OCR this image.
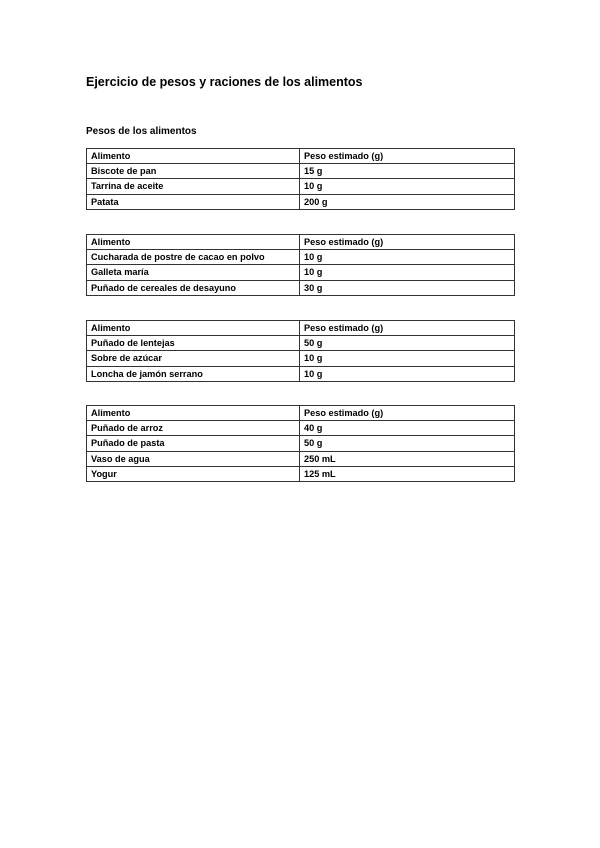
Ejercicio de pesos y raciones de los alimentos
Pesos de los alimentos
Alimento	Peso estimado (g)
Biscote de pan	15 g
Tarrina de aceite	10 g
Patata	200 g
Alimento	Peso estimado (g)
Cucharada de postre de cacao en polvo	10 g
Galleta maría	10 g
Puñado de cereales de desayuno	30 g
Alimento	Peso estimado (g)
Puñado de lentejas	50 g
Sobre de azúcar	10 g
Loncha de jamón serrano	10 g
Alimento	Peso estimado (g)
Puñado de arroz	40 g
Puñado de pasta	50 g
Vaso de agua	250 mL
Yogur	125 mL
